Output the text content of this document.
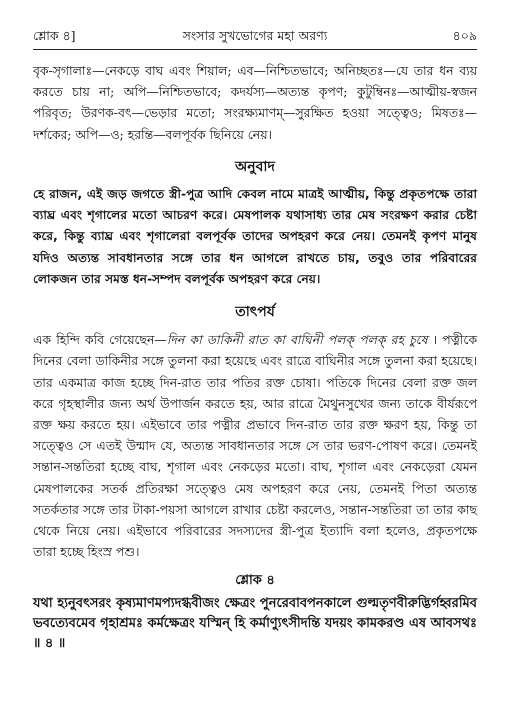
শ্লোক ৪]	সংসার সুখভোগের মহা অরণ্য	৪০৯

বৃক-সৃগালাঃ—নেকড়ে বাঘ এবং শিয়াল; এব—নিশ্চিতভাবে; অনিচ্ছতঃ—যে তার ধন ব্যয় করতে চায় না; অপি—নিশ্চিতভাবে; কদর্যস্য—অত্যন্ত কৃপণ; কুটুম্বিনঃ—আত্মীয়-স্বজন পরিবৃত; উরণক-বৎ—ভেড়ার মতো; সংরক্ষ্যমাণম্—সুরক্ষিত হওয়া সত্ত্বেও; মিষতঃ—দর্শকের; অপি—ও; হরন্তি—বলপূর্বক ছিনিয়ে নেয়।

অনুবাদ

হে রাজন, এই জড় জগতে স্ত্রী-পুত্র আদি কেবল নামে মাত্রই আত্মীয়, কিন্তু প্রকৃতপক্ষে তারা ব্যাঘ্র এবং শৃগালের মতো আচরণ করে। মেষপালক যথাসাধ্য তার মেষ সংরক্ষণ করার চেষ্টা করে, কিন্তু ব্যাঘ্র এবং শৃগালেরা বলপূর্বক তাদের অপহরণ করে নেয়। তেমনই কৃপণ মানুষ যদিও অত্যন্ত সাবধানতার সঙ্গে তার ধন আগলে রাখতে চায়, তবুও তার পরিবারের লোকজন তার সমস্ত ধন-সম্পদ বলপূর্বক অপহরণ করে নেয়।

তাৎপর্য

এক হিন্দি কবি গেয়েছেন—দিন কা ডাকিনী রাত কা বাঘিনী পলক্ পলক্ রহ চুষে । পত্নীকে দিনের বেলা ডাকিনীর সঙ্গে তুলনা করা হয়েছে এবং রাত্রে বাঘিনীর সঙ্গে তুলনা করা হয়েছে। তার একমাত্র কাজ হচ্ছে দিন-রাত তার পতির রক্ত চোষা। পতিকে দিনের বেলা রক্ত জল করে গৃহস্থালীর জন্য অর্থ উপার্জন করতে হয়, আর রাত্রে মৈথুনসুখের জন্য তাকে বীর্যরূপে রক্ত ক্ষয় করতে হয়। এইভাবে তার পত্নীর প্রভাবে দিন-রাত তার রক্ত ক্ষরণ হয়, কিন্তু তা সত্ত্বেও সে এতই উন্মাদ যে, অত্যন্ত সাবধানতার সঙ্গে সে তার ভরণ-পোষণ করে। তেমনই সন্তান-সন্ততিরা হচ্ছে বাঘ, শৃগাল এবং নেকড়ের মতো। বাঘ, শৃগাল এবং নেকড়েরা যেমন মেষপালকের সতর্ক প্রতিরক্ষা সত্ত্বেও মেষ অপহরণ করে নেয়, তেমনই পিতা অত্যন্ত সতর্কতার সঙ্গে তার টাকা-পয়সা আগলে রাখার চেষ্টা করলেও, সন্তান-সন্ততিরা তা তার কাছ থেকে নিয়ে নেয়। এইভাবে পরিবারের সদস্যদের স্ত্রী-পুত্র ইত্যাদি বলা হলেও, প্রকৃতপক্ষে তারা হচ্ছে হিংস্র পশু।

শ্লোক ৪

যথা হ্যনুবৎসরং কৃষ্যমাণমপ্যদগ্ধবীজং ক্ষেত্রং পুনরেবাবপনকালে গুল্মতৃণবীরুদ্ভির্গহ্বরমিব ভবত্যেবমেব গৃহাশ্রমঃ কর্মক্ষেত্রং যস্মিন্ হি কর্মাণ্যুৎসীদন্তি যদয়ং কামকরণ্ড এষ আবসথঃ ॥ ৪ ॥
